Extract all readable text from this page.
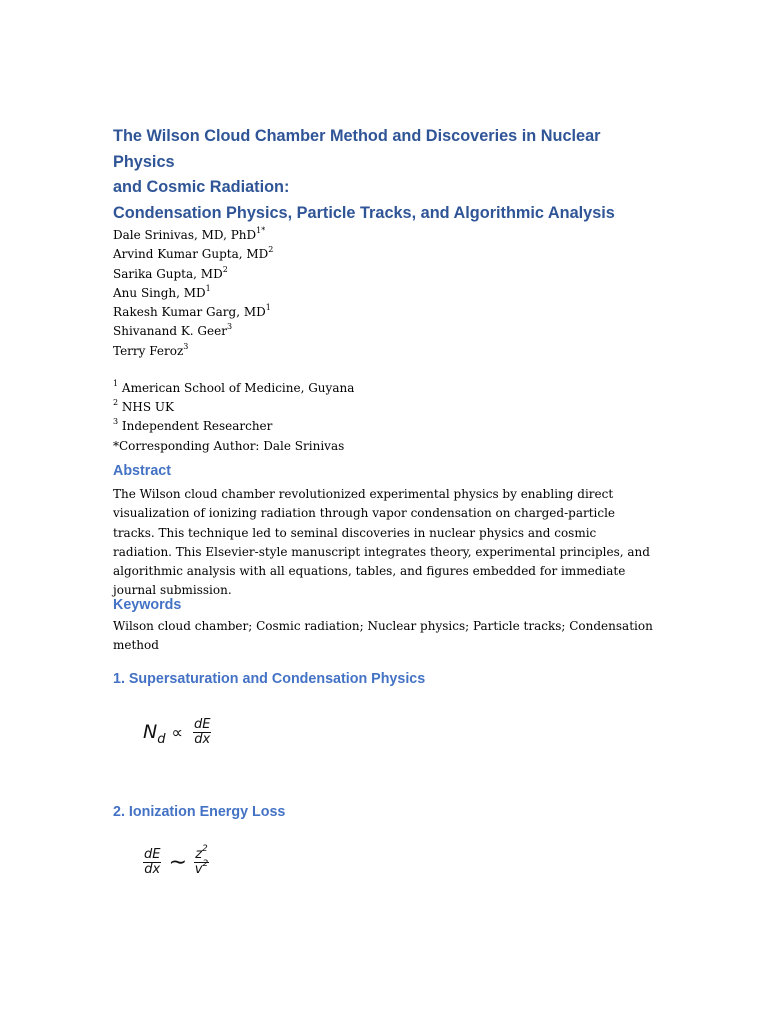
The Wilson Cloud Chamber Method and Discoveries in Nuclear Physics
and Cosmic Radiation:
Condensation Physics, Particle Tracks, and Algorithmic Analysis
Dale Srinivas, MD, PhD$^{1*}$
Arvind Kumar Gupta, $MD^2$
Sarika Gupta, $MD^2$
Anu Singh, $MD^1$
Rakesh Kumar Garg, $MD^1$
Shivanand K. Geer$^3$
Terry Feroz$^3$
$^1$ American School of Medicine, Guyana
$^2$ NHS UK
$^3$ Independent Researcher
*Corresponding Author: Dale Srinivas
Abstract

The Wilson cloud chamber revolutionized experimental physics by enabling direct visualization of ionizing radiation through vapor condensation on charged-particle tracks. This technique led to seminal discoveries in nuclear physics and cosmic radiation. This Elsevier-style manuscript integrates theory, experimental principles, and algorithmic analysis with all equations, tables, and figures embedded for immediate journal submission.

Keywords

Wilson cloud chamber; Cosmic radiation; Nuclear physics; Particle tracks; Condensation method

1. Supersaturation and Condensation Physics
$N_d \propto \frac{dE}{dx}$
2. Ionization Energy Loss
$\frac{dE}{dx}$ ∼ $\frac{z^2}{v^2}$
